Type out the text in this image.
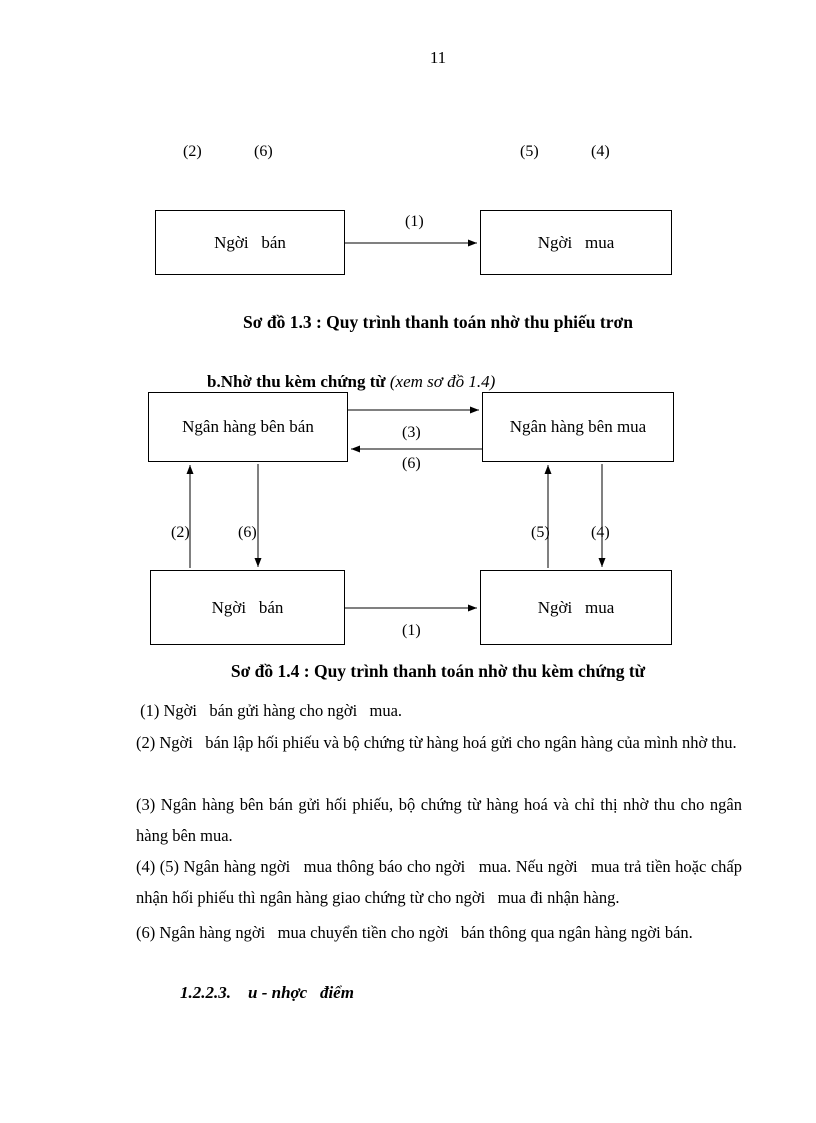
11
(2)	(6)	(5)	(4)
(1)
Ngời   bán	Ngời   mua
Sơ đồ 1.3 : Quy trình thanh toán nhờ thu phiếu trơn

b.Nhờ thu kèm chứng từ (xem sơ đồ 1.4)

Ngân hàng bên bán	Ngân hàng bên mua
(3)
(6)
(2)	(6)	(5)	(4)
Ngời   bán	Ngời   mua
(1)
Sơ đồ 1.4 : Quy trình thanh toán nhờ thu kèm chứng từ

(1) Ngời   bán gửi hàng cho ngời   mua.

(2) Ngời   bán lập hối phiếu và bộ chứng từ hàng hoá gửi cho ngân hàng của mình nhờ thu.

(3) Ngân hàng bên bán gửi hối phiếu, bộ chứng từ hàng hoá và chỉ thị nhờ thu cho ngân hàng bên mua.

(4) (5) Ngân hàng ngời   mua thông báo cho ngời   mua. Nếu ngời   mua trả tiền hoặc chấp nhận hối phiếu thì ngân hàng giao chứng từ cho ngời   mua đi nhận hàng.

(6) Ngân hàng ngời   mua chuyển tiền cho ngời   bán thông qua ngân hàng ngời bán.

1.2.2.3.    u - nhợc   điểm
